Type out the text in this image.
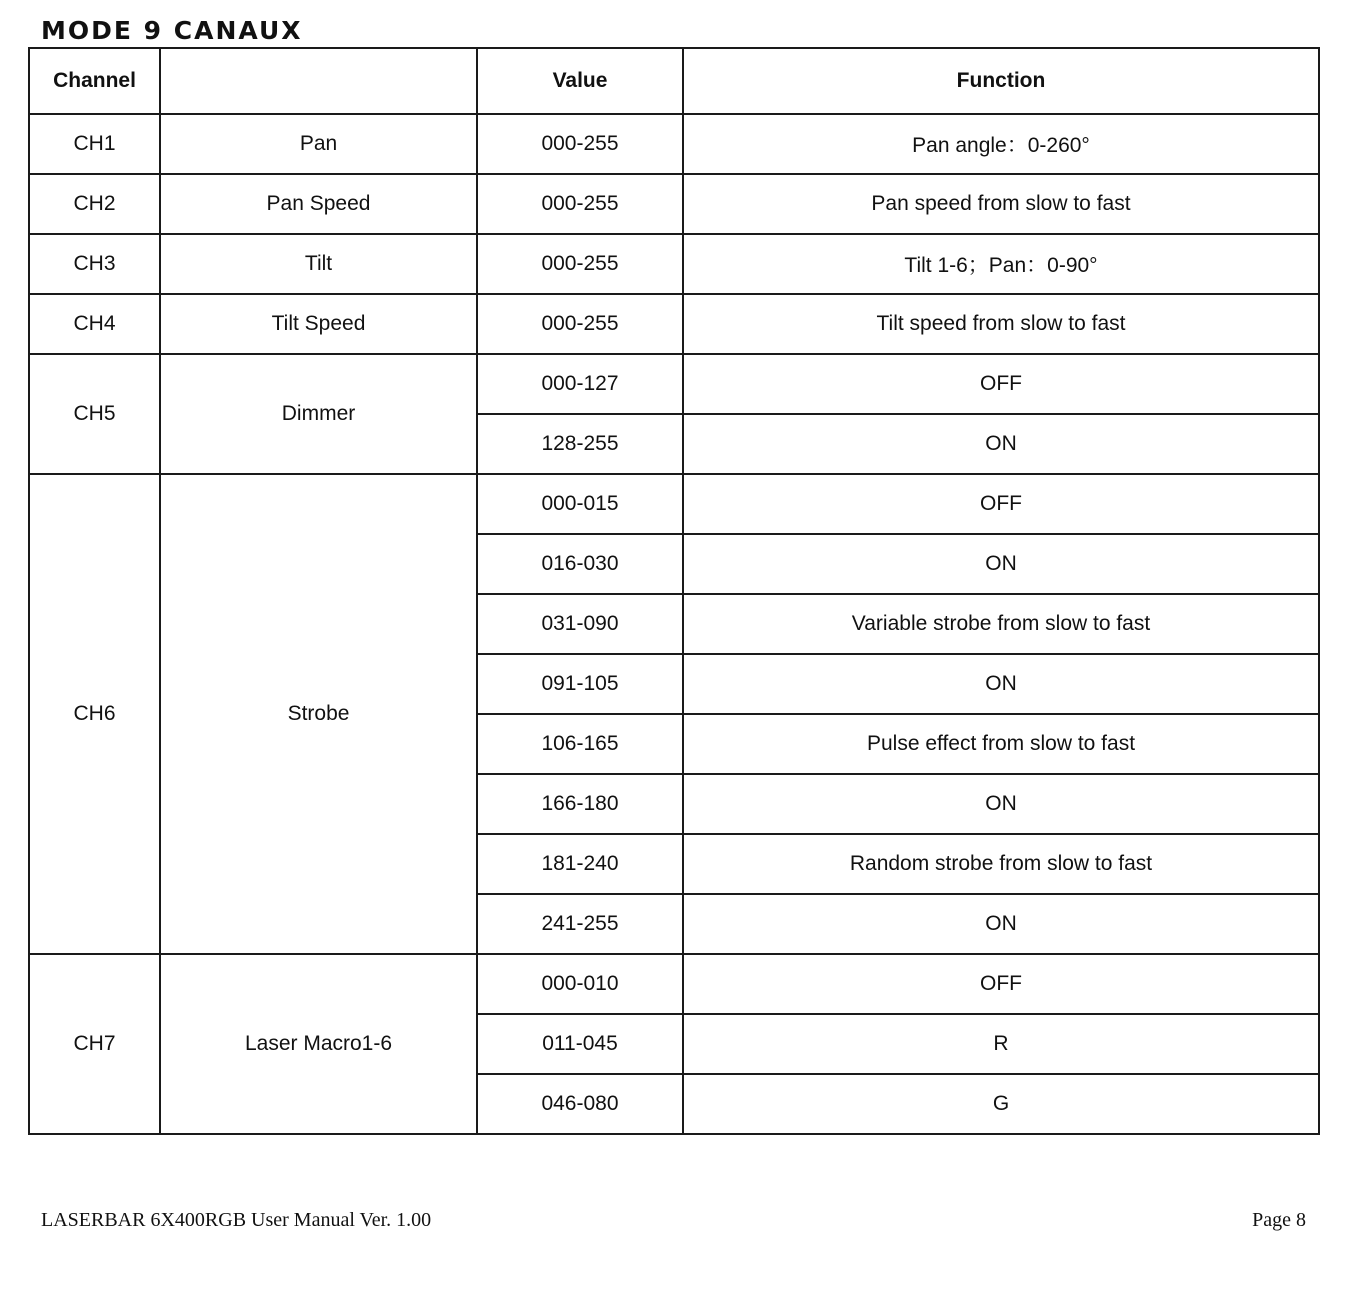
MODE 9 CANAUX
Channel		Value	Function
CH1	Pan	000-255	Pan angle：0-260°
CH2	Pan Speed	000-255	Pan speed from slow to fast
CH3	Tilt	000-255	Tilt 1-6；Pan：0-90°
CH4	Tilt Speed	000-255	Tilt speed from slow to fast
CH5	Dimmer	000-127	OFF
		128-255	ON
CH6	Strobe	000-015	OFF
		016-030	ON
		031-090	Variable strobe from slow to fast
		091-105	ON
		106-165	Pulse effect from slow to fast
		166-180	ON
		181-240	Random strobe from slow to fast
		241-255	ON
CH7	Laser Macro1-6	000-010	OFF
		011-045	R
		046-080	G
LASERBAR 6X400RGB User Manual Ver. 1.00	Page 8
